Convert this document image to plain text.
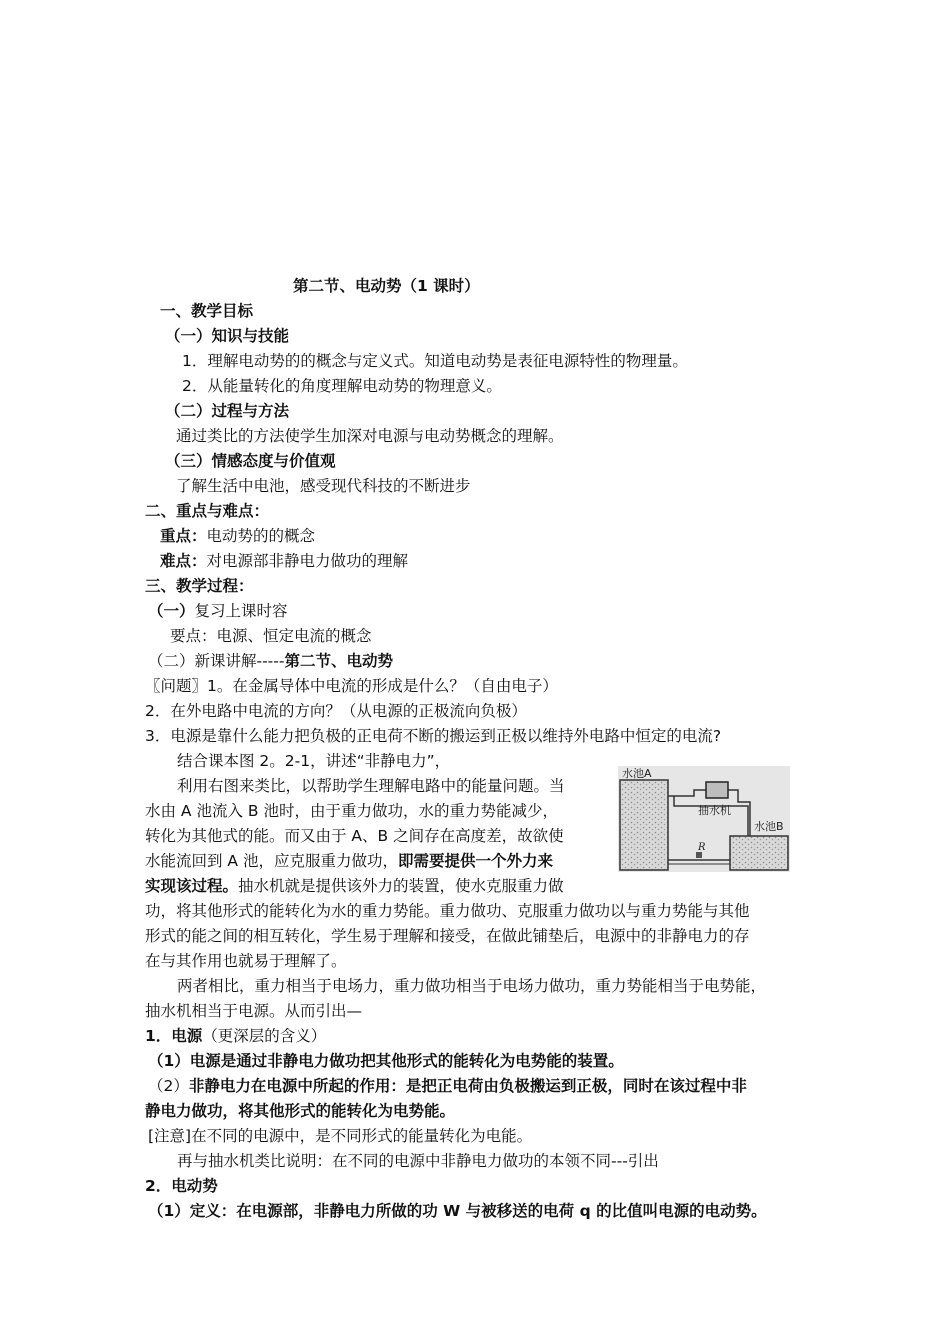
第二节、电动势（1 课时）
一、教学目标
（一）知识与技能
1．理解电动势的的概念与定义式。知道电动势是表征电源特性的物理量。
2．从能量转化的角度理解电动势的物理意义。
（二）过程与方法
通过类比的方法使学生加深对电源与电动势概念的理解。
（三）情感态度与价值观
了解生活中电池，感受现代科技的不断进步
二、重点与难点：
重点：电动势的的概念
难点：对电源部非静电力做功的理解
三、教学过程：
（一）复习上课时容
要点：电源、恒定电流的概念
（二）新课讲解-----第二节、电动势
〖问题〗1。在金属导体中电流的形成是什么？（自由电子）
2．在外电路中电流的方向？（从电源的正极流向负极）
3．电源是靠什么能力把负极的正电荷不断的搬运到正极以维持外电路中恒定的电流?
结合课本图 2。2-1，讲述“非静电力”，
利用右图来类比，以帮助学生理解电路中的能量问题。当
水由 A 池流入 B 池时，由于重力做功，水的重力势能减少，
转化为其他式的能。而又由于 A、B 之间存在高度差，故欲使
水能流回到 A 池，应克服重力做功，即需要提供一个外力来
实现该过程。抽水机就是提供该外力的装置，使水克服重力做
功，将其他形式的能转化为水的重力势能。重力做功、克服重力做功以与重力势能与其他
形式的能之间的相互转化，学生易于理解和接受，在做此铺垫后，电源中的非静电力的存
在与其作用也就易于理解了。
两者相比，重力相当于电场力，重力做功相当于电场力做功，重力势能相当于电势能，
抽水机相当于电源。从而引出—
1．电源（更深层的含义）
（1）电源是通过非静电力做功把其他形式的能转化为电势能的装置。
（2）非静电力在电源中所起的作用：是把正电荷由负极搬运到正极，同时在该过程中非
静电力做功，将其他形式的能转化为电势能。
[注意]在不同的电源中，是不同形式的能量转化为电能。
再与抽水机类比说明：在不同的电源中非静电力做功的本领不同---引出
2．电动势
（1）定义：在电源部，非静电力所做的功 W 与被移送的电荷 q 的比值叫电源的电动势。
水池A
抽水机
水池B
R
